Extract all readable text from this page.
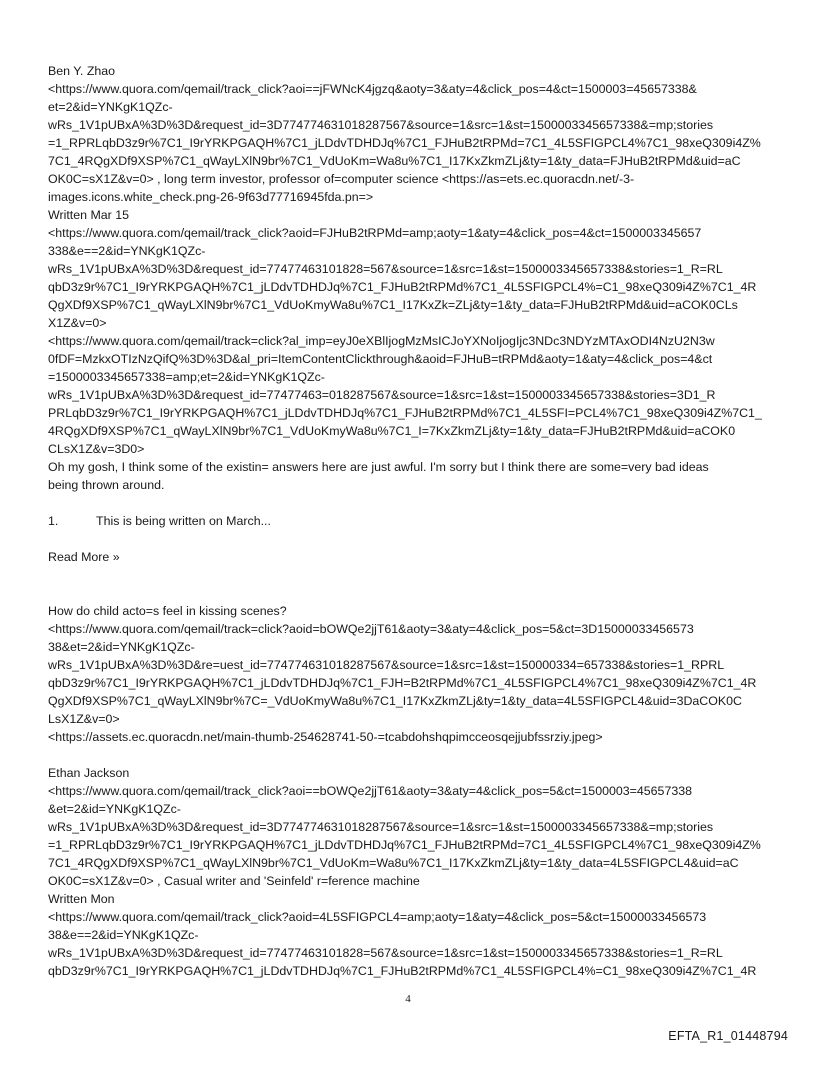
Ben Y. Zhao
<https://www.quora.com/qemail/track_click?aoi==jFWNcK4jgzq&aoty=3&aty=4&click_pos=4&ct=1500003=45657338&
et=2&id=YNKgK1QZc-
wRs_1V1pUBxA%3D%3D&request_id=3D774774631018287567&source=1&src=1&st=1500003345657338&=mp;stories
=1_RPRLqbD3z9r%7C1_I9rYRKPGAQH%7C1_jLDdvTDHDJq%7C1_FJHuB2tRPMd=7C1_4L5SFIGPCL4%7C1_98xeQ309i4Z%
7C1_4RQgXDf9XSP%7C1_qWayLXlN9br%7C1_VdUoKm=Wa8u%7C1_I17KxZkmZLj&ty=1&ty_data=FJHuB2tRPMd&uid=aC
OK0C=sX1Z&v=0> , long term investor, professor of=computer science <https://as=ets.ec.quoracdn.net/-3-
images.icons.white_check.png-26-9f63d77716945fda.pn=>
Written Mar 15
<https://www.quora.com/qemail/track_click?aoid=FJHuB2tRPMd=amp;aoty=1&aty=4&click_pos=4&ct=1500003345657
338&e==2&id=YNKgK1QZc-
wRs_1V1pUBxA%3D%3D&request_id=77477463101828=567&source=1&src=1&st=1500003345657338&stories=1_R=RL
qbD3z9r%7C1_I9rYRKPGAQH%7C1_jLDdvTDHDJq%7C1_FJHuB2tRPMd%7C1_4L5SFIGPCL4%=C1_98xeQ309i4Z%7C1_4R
QgXDf9XSP%7C1_qWayLXlN9br%7C1_VdUoKmyWa8u%7C1_I17KxZk=ZLj&ty=1&ty_data=FJHuB2tRPMd&uid=aCOK0CLs
X1Z&v=0>
<https://www.quora.com/qemail/track=click?al_imp=eyJ0eXBlIjogMzMsICJoYXNoIjogIjc3NDc3NDYzMTAxODI4NzU2N3w
0fDF=MzkxOTIzNzQifQ%3D%3D&al_pri=ItemContentClickthrough&aoid=FJHuB=tRPMd&aoty=1&aty=4&click_pos=4&ct
=1500003345657338=amp;et=2&id=YNKgK1QZc-
wRs_1V1pUBxA%3D%3D&request_id=77477463=018287567&source=1&src=1&st=1500003345657338&stories=3D1_R
PRLqbD3z9r%7C1_I9rYRKPGAQH%7C1_jLDdvTDHDJq%7C1_FJHuB2tRPMd%7C1_4L5SFI=PCL4%7C1_98xeQ309i4Z%7C1_
4RQgXDf9XSP%7C1_qWayLXlN9br%7C1_VdUoKmyWa8u%7C1_I=7KxZkmZLj&ty=1&ty_data=FJHuB2tRPMd&uid=aCOK0
CLsX1Z&v=3D0>
Oh my gosh, I think some of the existin= answers here are just awful. I'm sorry but I think there are some=very bad ideas
being thrown around.
1.	This is being written on March...
Read More »
How do child acto=s feel in kissing scenes?
<https://www.quora.com/qemail/track=click?aoid=bOWQe2jjT61&aoty=3&aty=4&click_pos=5&ct=3D15000033456573
38&et=2&id=YNKgK1QZc-
wRs_1V1pUBxA%3D%3D&re=uest_id=774774631018287567&source=1&src=1&st=150000334=657338&stories=1_RPRL
qbD3z9r%7C1_I9rYRKPGAQH%7C1_jLDdvTDHDJq%7C1_FJH=B2tRPMd%7C1_4L5SFIGPCL4%7C1_98xeQ309i4Z%7C1_4R
QgXDf9XSP%7C1_qWayLXlN9br%7C=_VdUoKmyWa8u%7C1_I17KxZkmZLj&ty=1&ty_data=4L5SFIGPCL4&uid=3DaCOK0C
LsX1Z&v=0>
<https://assets.ec.quoracdn.net/main-thumb-254628741-50-=tcabdohshqpimcceosqejjubfssrziy.jpeg>
Ethan Jackson
<https://www.quora.com/qemail/track_click?aoi==bOWQe2jjT61&aoty=3&aty=4&click_pos=5&ct=1500003=45657338
&et=2&id=YNKgK1QZc-
wRs_1V1pUBxA%3D%3D&request_id=3D774774631018287567&source=1&src=1&st=1500003345657338&=mp;stories
=1_RPRLqbD3z9r%7C1_I9rYRKPGAQH%7C1_jLDdvTDHDJq%7C1_FJHuB2tRPMd=7C1_4L5SFIGPCL4%7C1_98xeQ309i4Z%
7C1_4RQgXDf9XSP%7C1_qWayLXlN9br%7C1_VdUoKm=Wa8u%7C1_I17KxZkmZLj&ty=1&ty_data=4L5SFIGPCL4&uid=aC
OK0C=sX1Z&v=0> , Casual writer and 'Seinfeld' r=ference machine
Written Mon
<https://www.quora.com/qemail/track_click?aoid=4L5SFIGPCL4=amp;aoty=1&aty=4&click_pos=5&ct=15000033456573
38&e==2&id=YNKgK1QZc-
wRs_1V1pUBxA%3D%3D&request_id=77477463101828=567&source=1&src=1&st=1500003345657338&stories=1_R=RL
qbD3z9r%7C1_I9rYRKPGAQH%7C1_jLDdvTDHDJq%7C1_FJHuB2tRPMd%7C1_4L5SFIGPCL4%=C1_98xeQ309i4Z%7C1_4R
4
EFTA_R1_01448794
